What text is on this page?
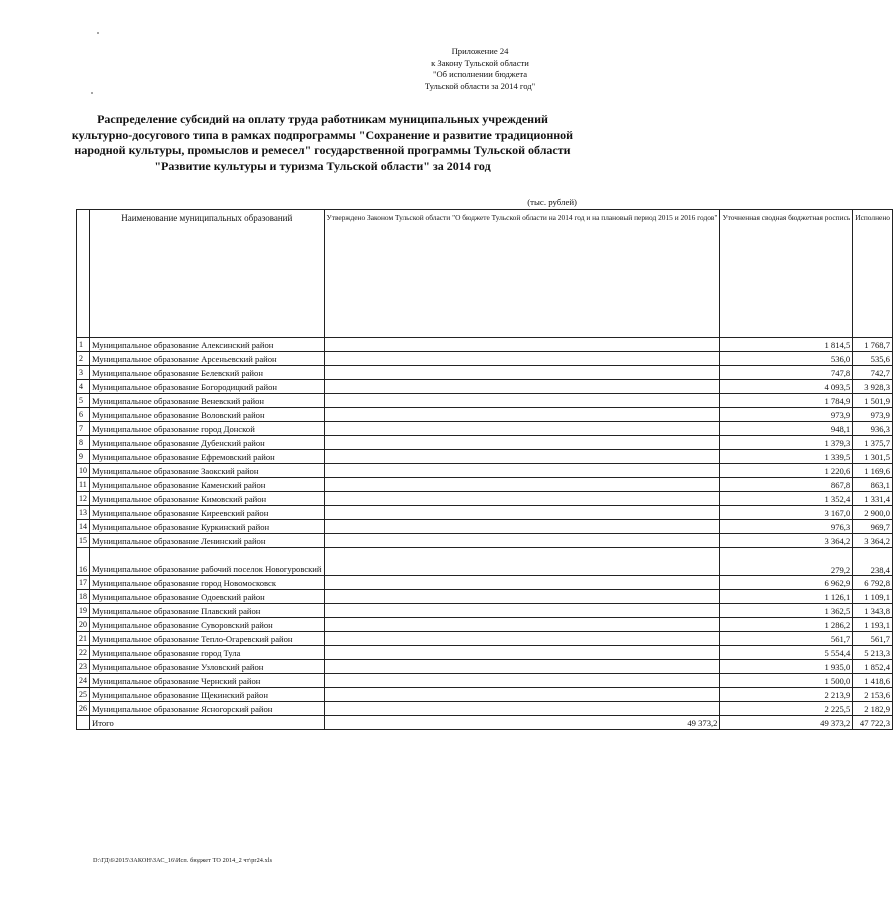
Приложение 24
к Закону Тульской области
"Об исполнении бюджета
Тульской области за 2014 год"
Распределение субсидий на оплату труда работникам муниципальных учреждений культурно-досугового типа в рамках подпрограммы "Сохранение и развитие традиционной народной культуры, промыслов и ремесел" государственной программы Тульской области "Развитие культуры и туризма Тульской области" за 2014 год
(тыс. рублей)
	Наименование муниципальных образований	Утверждено Законом Тульской области "О бюджете Тульской области на 2014 год и на плановый период 2015 и 2016 годов"	Уточненная сводная бюджетная роспись	Исполнено
1	Муниципальное образование Алексинский район		1 814,5	1 768,7
2	Муниципальное образование Арсеньевский район		536,0	535,6
3	Муниципальное образование Белевский район		747,8	742,7
4	Муниципальное образование Богородицкий район		4 093,5	3 928,3
5	Муниципальное образование Веневский район		1 784,9	1 501,9
6	Муниципальное образование Воловский район		973,9	973,9
7	Муниципальное образование город Донской		948,1	936,3
8	Муниципальное образование Дубенский район		1 379,3	1 375,7
9	Муниципальное образование Ефремовский район		1 339,5	1 301,5
10	Муниципальное образование Заокский район		1 220,6	1 169,6
11	Муниципальное образование Каменский район		867,8	863,1
12	Муниципальное образование Кимовский район		1 352,4	1 331,4
13	Муниципальное образование Киреевский район		3 167,0	2 900,0
14	Муниципальное образование Куркинский район		976,3	969,7
15	Муниципальное образование Ленинский район		3 364,2	3 364,2
16	Муниципальное образование рабочий поселок Новогуровский		279,2	238,4
17	Муниципальное образование город Новомосковск		6 962,9	6 792,8
18	Муниципальное образование Одоевский район		1 126,1	1 109,1
19	Муниципальное образование Плавский район		1 362,5	1 343,8
20	Муниципальное образование Суворовский район		1 286,2	1 193,1
21	Муниципальное образование Тепло-Огаревский район		561,7	561,7
22	Муниципальное образование город Тула		5 554,4	5 213,3
23	Муниципальное образование Узловский район		1 935,0	1 852,4
24	Муниципальное образование Чернский район		1 500,0	1 418,6
25	Муниципальное образование Щекинский район		2 213,9	2 153,6
26	Муниципальное образование Ясногорский район		2 225,5	2 182,9
	Итого	49 373,2	49 373,2	47 722,3
D:\ГД\6\2015\ЗАКОН\ЗАС_16\Исп. бюджет ТО 2014_2 чт\pr24.xls
